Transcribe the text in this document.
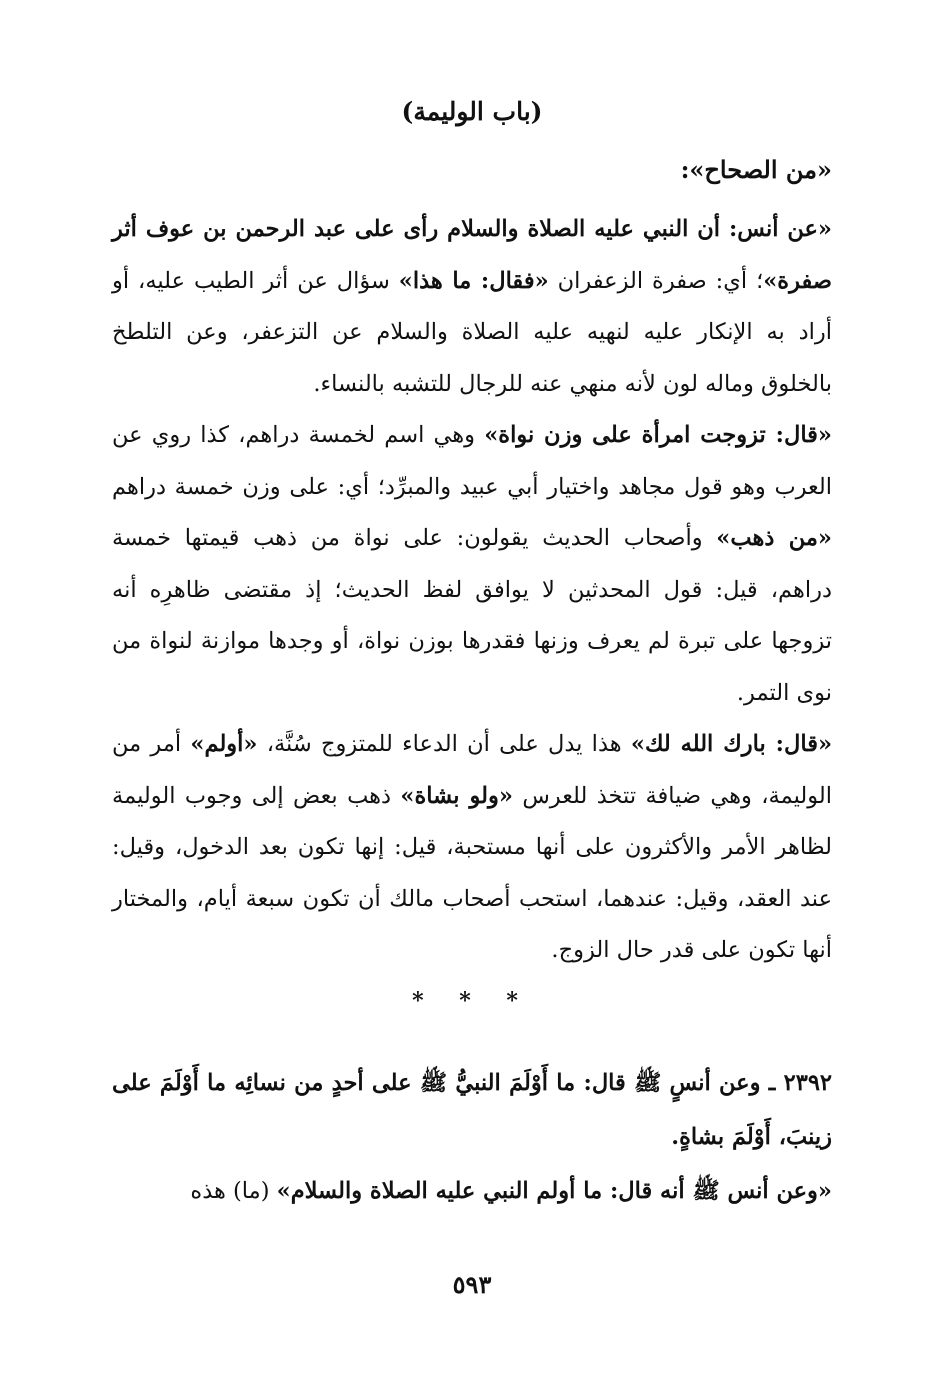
(باب الوليمة)
«من الصحاح»:

«عن أنس: أن النبي عليه الصلاة والسلام رأى على عبد الرحمن بن عوف أثر صفرة»؛ أي: صفرة الزعفران «فقال: ما هذا» سؤال عن أثر الطيب عليه، أو أراد به الإنكار عليه لنهيه عليه الصلاة والسلام عن التزعفر، وعن التلطخ بالخلوق وماله لون لأنه منهي عنه للرجال للتشبه بالنساء.

«قال: تزوجت امرأة على وزن نواة» وهي اسم لخمسة دراهم، كذا روي عن العرب وهو قول مجاهد واختيار أبي عبيد والمبرِّد؛ أي: على وزن خمسة دراهم «من ذهب» وأصحاب الحديث يقولون: على نواة من ذهب قيمتها خمسة دراهم، قيل: قول المحدثين لا يوافق لفظ الحديث؛ إذ مقتضى ظاهرِه أنه تزوجها على تبرة لم يعرف وزنها فقدرها بوزن نواة، أو وجدها موازنة لنواة من نوى التمر.

«قال: بارك الله لك» هذا يدل على أن الدعاء للمتزوج سُنَّة، «أولم» أمر من الوليمة، وهي ضيافة تتخذ للعرس «ولو بشاة» ذهب بعض إلى وجوب الوليمة لظاهر الأمر والأكثرون على أنها مستحبة، قيل: إنها تكون بعد الدخول، وقيل: عند العقد، وقيل: عندهما، استحب أصحاب مالك أن تكون سبعة أيام، والمختار أنها تكون على قدر حال الزوج.

* * *

٢٣٩٢ ـ وعن أنسٍ ﷺ قال: ما أَوْلَمَ النبيُّ ﷺ على أحدٍ من نسائِه ما أَوْلَمَ على زينبَ، أَوْلَمَ بشاةٍ.

«وعن أنس ﷺ أنه قال: ما أولم النبي عليه الصلاة والسلام» (ما) هذه

٥٩٣
